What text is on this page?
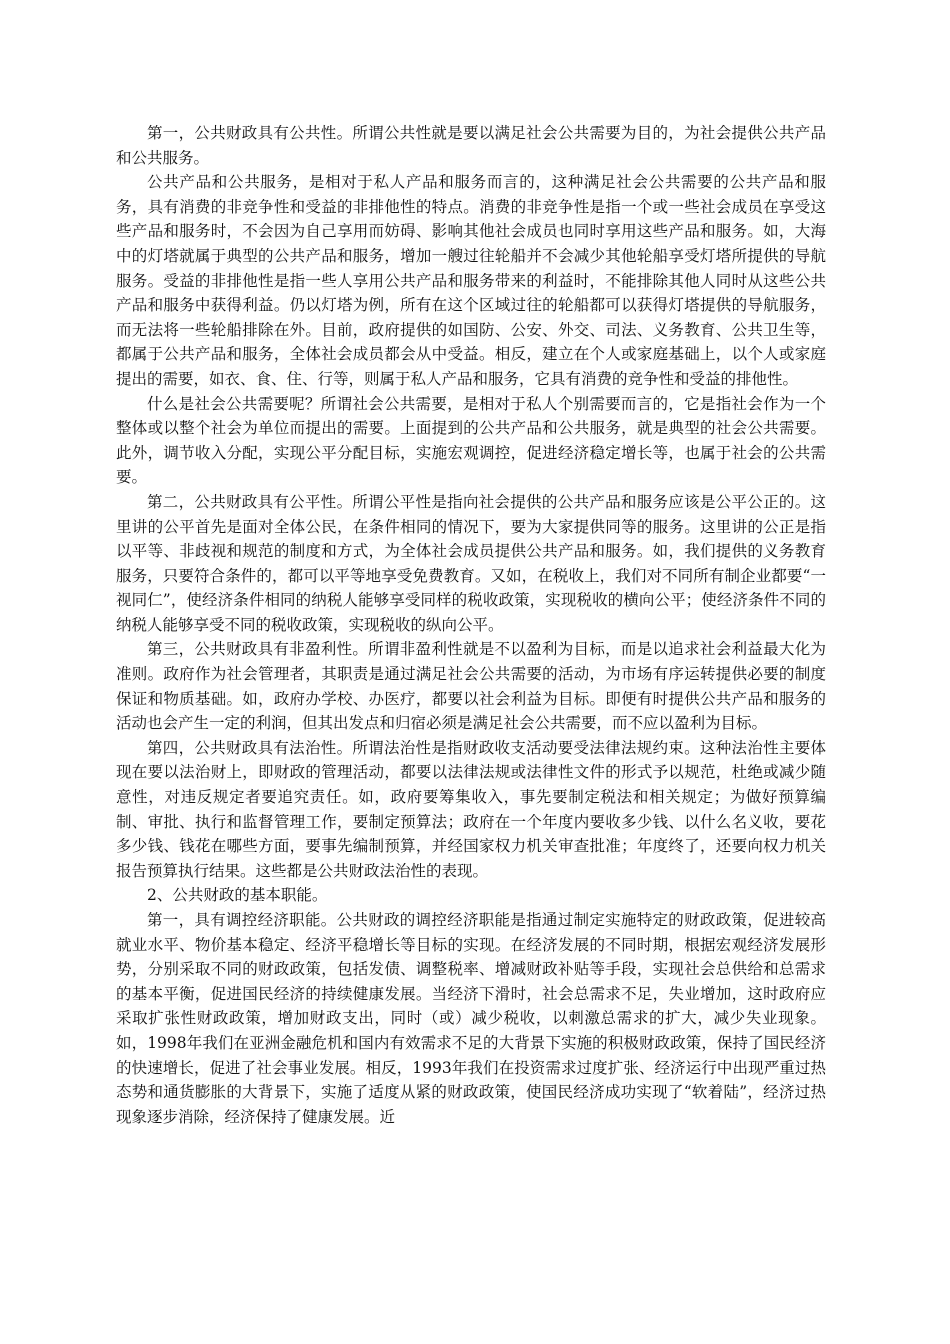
第一，公共财政具有公共性。所谓公共性就是要以满足社会公共需要为目的，为社会提供公共产品和公共服务。

公共产品和公共服务，是相对于私人产品和服务而言的，这种满足社会公共需要的公共产品和服务，具有消费的非竞争性和受益的非排他性的特点。消费的非竞争性是指一个或一些社会成员在享受这些产品和服务时，不会因为自己享用而妨碍、影响其他社会成员也同时享用这些产品和服务。如，大海中的灯塔就属于典型的公共产品和服务，增加一艘过往轮船并不会减少其他轮船享受灯塔所提供的导航服务。受益的非排他性是指一些人享用公共产品和服务带来的利益时，不能排除其他人同时从这些公共产品和服务中获得利益。仍以灯塔为例，所有在这个区域过往的轮船都可以获得灯塔提供的导航服务，而无法将一些轮船排除在外。目前，政府提供的如国防、公安、外交、司法、义务教育、公共卫生等，都属于公共产品和服务，全体社会成员都会从中受益。相反，建立在个人或家庭基础上，以个人或家庭提出的需要，如衣、食、住、行等，则属于私人产品和服务，它具有消费的竞争性和受益的排他性。

什么是社会公共需要呢？所谓社会公共需要，是相对于私人个别需要而言的，它是指社会作为一个整体或以整个社会为单位而提出的需要。上面提到的公共产品和公共服务，就是典型的社会公共需要。此外，调节收入分配，实现公平分配目标，实施宏观调控，促进经济稳定增长等，也属于社会的公共需要。

第二，公共财政具有公平性。所谓公平性是指向社会提供的公共产品和服务应该是公平公正的。这里讲的公平首先是面对全体公民，在条件相同的情况下，要为大家提供同等的服务。这里讲的公正是指以平等、非歧视和规范的制度和方式，为全体社会成员提供公共产品和服务。如，我们提供的义务教育服务，只要符合条件的，都可以平等地享受免费教育。又如，在税收上，我们对不同所有制企业都要“一视同仁”，使经济条件相同的纳税人能够享受同样的税收政策，实现税收的横向公平；使经济条件不同的纳税人能够享受不同的税收政策，实现税收的纵向公平。

第三，公共财政具有非盈利性。所谓非盈利性就是不以盈利为目标，而是以追求社会利益最大化为准则。政府作为社会管理者，其职责是通过满足社会公共需要的活动，为市场有序运转提供必要的制度保证和物质基础。如，政府办学校、办医疗，都要以社会利益为目标。即便有时提供公共产品和服务的活动也会产生一定的利润，但其出发点和归宿必须是满足社会公共需要，而不应以盈利为目标。

第四，公共财政具有法治性。所谓法治性是指财政收支活动要受法律法规约束。这种法治性主要体现在要以法治财上，即财政的管理活动，都要以法律法规或法律性文件的形式予以规范，杜绝或减少随意性，对违反规定者要追究责任。如，政府要筹集收入，事先要制定税法和相关规定；为做好预算编制、审批、执行和监督管理工作，要制定预算法；政府在一个年度内要收多少钱、以什么名义收，要花多少钱、钱花在哪些方面，要事先编制预算，并经国家权力机关审查批准；年度终了，还要向权力机关报告预算执行结果。这些都是公共财政法治性的表现。

2、公共财政的基本职能。

第一，具有调控经济职能。公共财政的调控经济职能是指通过制定实施特定的财政政策，促进较高就业水平、物价基本稳定、经济平稳增长等目标的实现。在经济发展的不同时期，根据宏观经济发展形势，分别采取不同的财政政策，包括发债、调整税率、增减财政补贴等手段，实现社会总供给和总需求的基本平衡，促进国民经济的持续健康发展。当经济下滑时，社会总需求不足，失业增加，这时政府应采取扩张性财政政策，增加财政支出，同时（或）减少税收，以刺激总需求的扩大，减少失业现象。如，1998年我们在亚洲金融危机和国内有效需求不足的大背景下实施的积极财政政策，保持了国民经济的快速增长，促进了社会事业发展。相反，1993年我们在投资需求过度扩张、经济运行中出现严重过热态势和通货膨胀的大背景下，实施了适度从紧的财政政策，使国民经济成功实现了“软着陆”，经济过热现象逐步消除，经济保持了健康发展。近
